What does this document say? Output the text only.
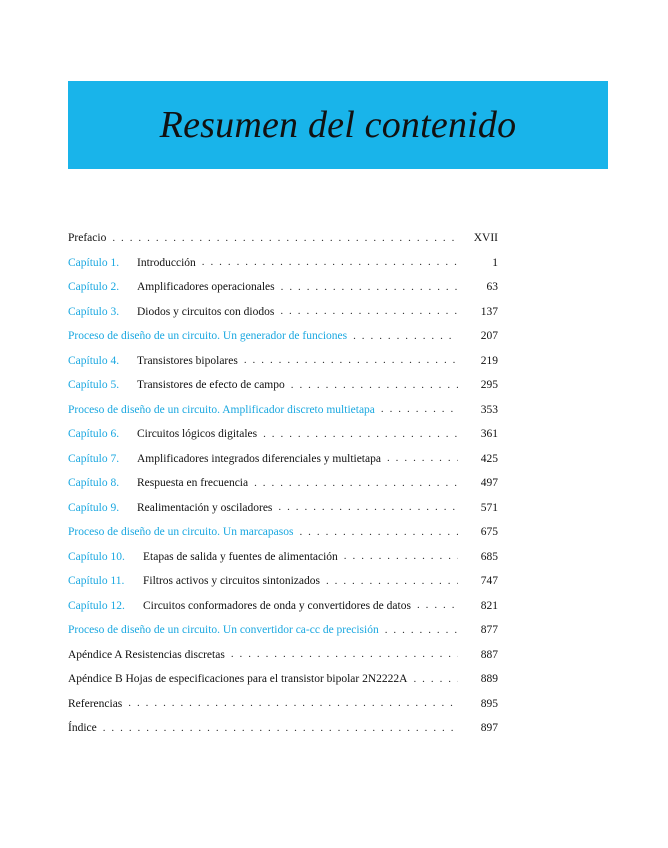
Resumen del contenido
Prefacio . . .	XVII
Capítulo 1.	Introducción . . .	1
Capítulo 2.	Amplificadores operacionales . . .	63
Capítulo 3.	Diodos y circuitos con diodos . . .	137
Proceso de diseño de un circuito. Un generador de funciones . . .	207
Capítulo 4.	Transistores bipolares . . .	219
Capítulo 5.	Transistores de efecto de campo . . .	295
Proceso de diseño de un circuito. Amplificador discreto multietapa . . .	353
Capítulo 6.	Circuitos lógicos digitales . . .	361
Capítulo 7.	Amplificadores integrados diferenciales y multietapa . . .	425
Capítulo 8.	Respuesta en frecuencia . . .	497
Capítulo 9.	Realimentación y osciladores . . .	571
Proceso de diseño de un circuito. Un marcapasos . . .	675
Capítulo 10.	Etapas de salida y fuentes de alimentación . . .	685
Capítulo 11.	Filtros activos y circuitos sintonizados . . .	747
Capítulo 12.	Circuitos conformadores de onda y convertidores de datos . . .	821
Proceso de diseño de un circuito. Un convertidor ca-cc de precisión . . .	877
Apéndice A Resistencias discretas . . .	887
Apéndice B Hojas de especificaciones para el transistor bipolar 2N2222A . . .	889
Referencias . . .	895
Índice . . .	897
